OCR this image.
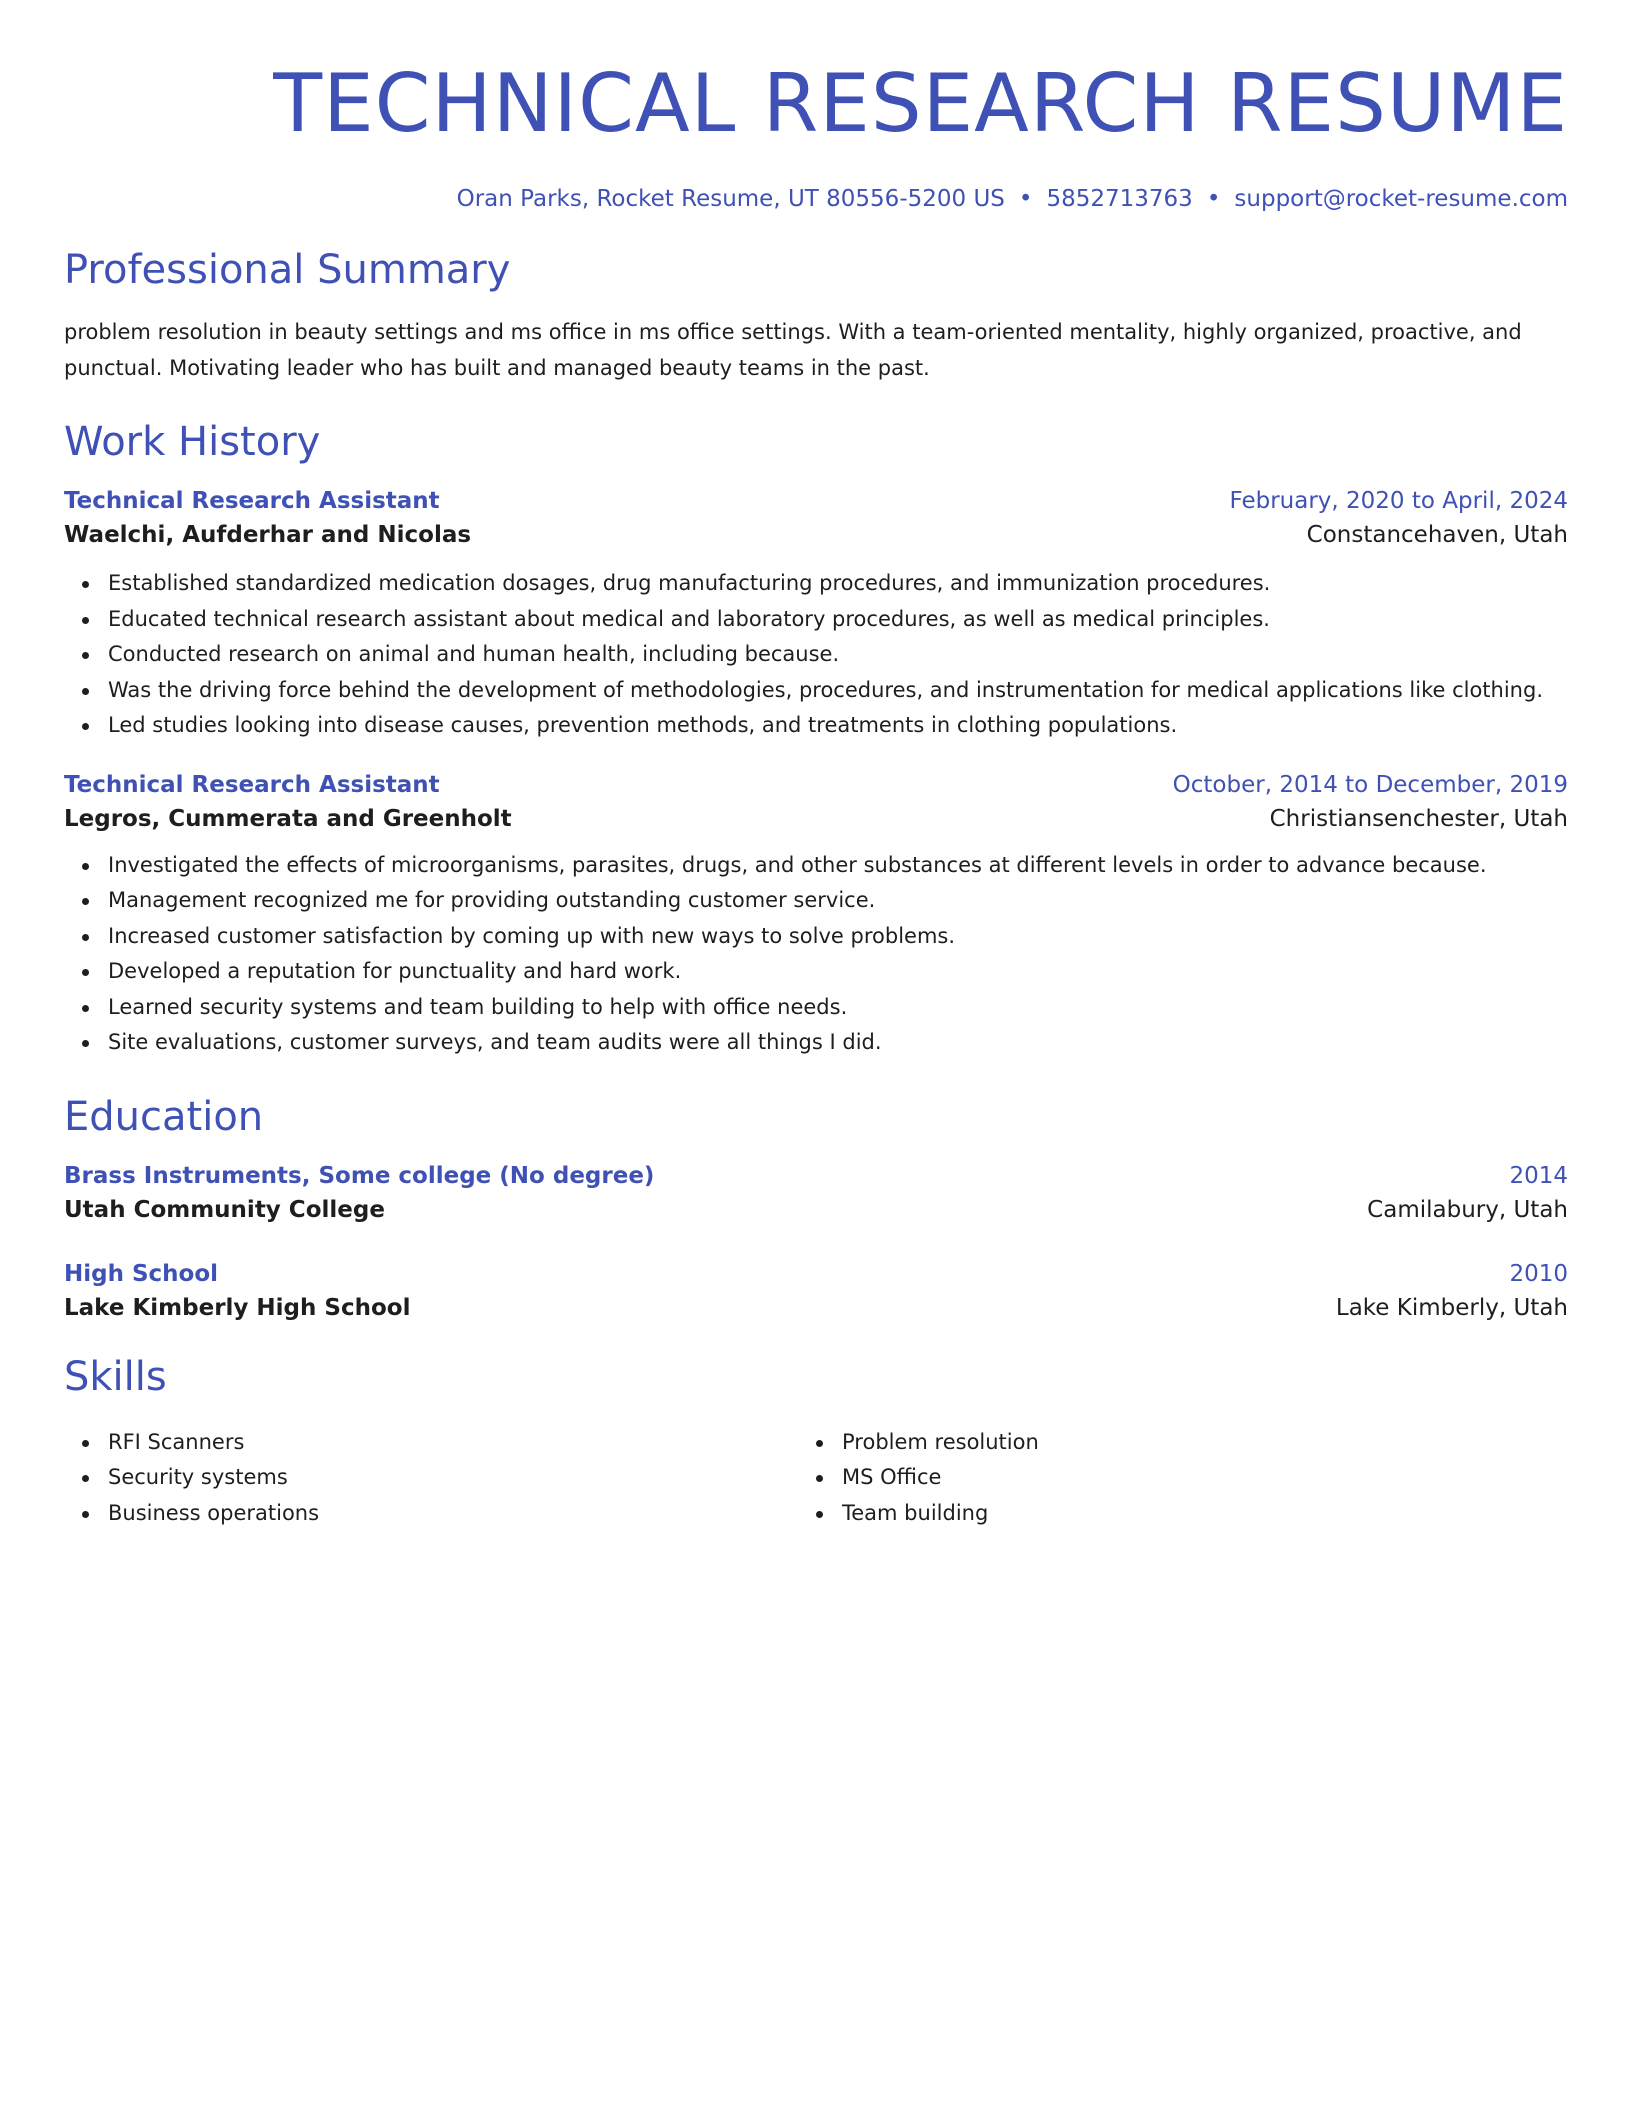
TECHNICAL RESEARCH RESUME
Oran Parks, Rocket Resume, UT 80556-5200 US • 5852713763 • support@rocket-resume.com
Professional Summary

problem resolution in beauty settings and ms office in ms office settings. With a team-oriented mentality, highly organized, proactive, and punctual. Motivating leader who has built and managed beauty teams in the past.

Work History
Technical Research Assistant	February, 2020 to April, 2024
Waelchi, Aufderhar and Nicolas	Constancehaven, Utah
Established standardized medication dosages, drug manufacturing procedures, and immunization procedures.
Educated technical research assistant about medical and laboratory procedures, as well as medical principles.
Conducted research on animal and human health, including because.
Was the driving force behind the development of methodologies, procedures, and instrumentation for medical applications like clothing.
Led studies looking into disease causes, prevention methods, and treatments in clothing populations.
Technical Research Assistant	October, 2014 to December, 2019
Legros, Cummerata and Greenholt	Christiansenchester, Utah
Investigated the effects of microorganisms, parasites, drugs, and other substances at different levels in order to advance because.
Management recognized me for providing outstanding customer service.
Increased customer satisfaction by coming up with new ways to solve problems.
Developed a reputation for punctuality and hard work.
Learned security systems and team building to help with office needs.
Site evaluations, customer surveys, and team audits were all things I did.
Education
Brass Instruments, Some college (No degree)	2014
Utah Community College	Camilabury, Utah
High School	2010
Lake Kimberly High School	Lake Kimberly, Utah
Skills
RFI Scanners
Security systems
Business operations
Problem resolution
MS Office
Team building
